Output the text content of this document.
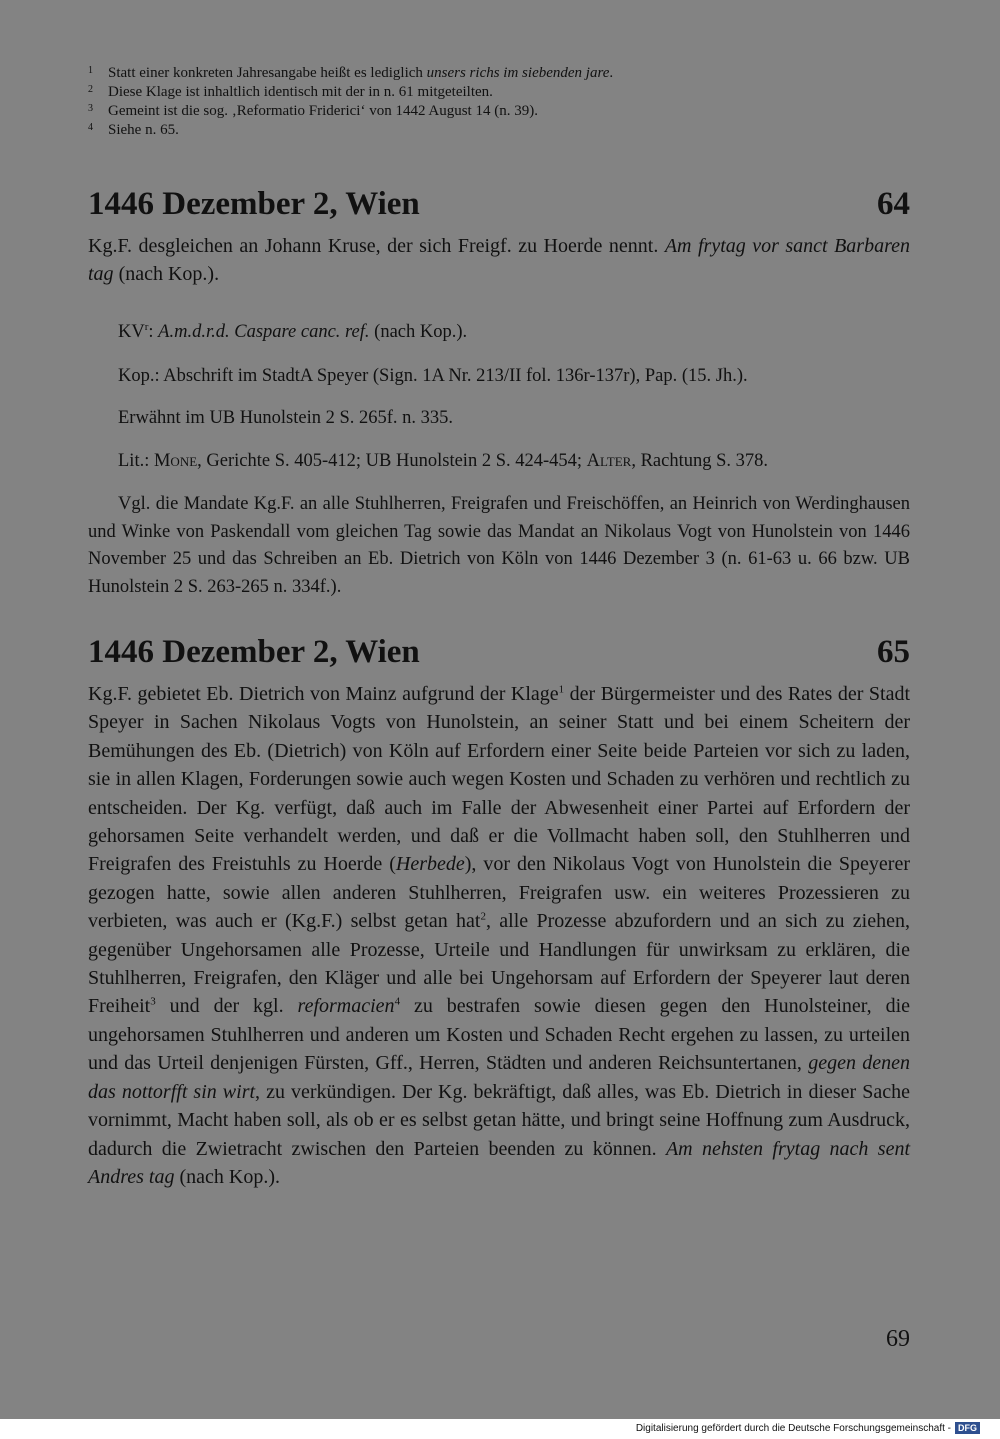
1	Statt einer konkreten Jahresangabe heißt es lediglich unsers richs im siebenden jare.
2	Diese Klage ist inhaltlich identisch mit der in n. 61 mitgeteilten.
3	Gemeint ist die sog. ‚Reformatio Friderici‘ von 1442 August 14 (n. 39).
4	Siehe n. 65.
1446 Dezember 2, Wien	64
Kg.F. desgleichen an Johann Kruse, der sich Freigf. zu Hoerde nennt. Am frytag vor sanct Barbaren tag (nach Kop.).
$KV^r$: A.m.d.r.d. Caspare canc. ref. (nach Kop.).
Kop.: Abschrift im StadtA Speyer (Sign. 1A Nr. 213/II fol. 136r-137r), Pap. (15. Jh.).
Erwähnt im UB Hunolstein 2 S. 265f. n. 335.
Lit.: Mone, Gerichte S. 405-412; UB Hunolstein 2 S. 424-454; Alter, Rachtung S. 378.
Vgl. die Mandate Kg.F. an alle Stuhlherren, Freigrafen und Freischöffen, an Heinrich von Werdinghausen und Winke von Paskendall vom gleichen Tag sowie das Mandat an Nikolaus Vogt von Hunolstein von 1446 November 25 und das Schreiben an Eb. Dietrich von Köln von 1446 Dezember 3 (n. 61-63 u. 66 bzw. UB Hunolstein 2 S. 263-265 n. 334f.).
1446 Dezember 2, Wien	65
Kg.F. gebietet Eb. Dietrich von Mainz aufgrund der Klage$^1$ der Bürgermeister und des Rates der Stadt Speyer in Sachen Nikolaus Vogts von Hunolstein, an seiner Statt und bei einem Scheitern der Bemühungen des Eb. (Dietrich) von Köln auf Erfordern einer Seite beide Parteien vor sich zu laden, sie in allen Klagen, Forderungen sowie auch wegen Kosten und Schaden zu verhören und rechtlich zu entscheiden. Der Kg. verfügt, daß auch im Falle der Abwesenheit einer Partei auf Erfordern der gehorsamen Seite verhandelt werden, und daß er die Vollmacht haben soll, den Stuhlherren und Freigrafen des Freistuhls zu Hoerde (Herbede), vor den Nikolaus Vogt von Hunolstein die Speyerer gezogen hatte, sowie allen anderen Stuhlherren, Freigrafen usw. ein weiteres Prozessieren zu verbieten, was auch er (Kg.F.) selbst getan hat$^2$, alle Prozesse abzufordern und an sich zu ziehen, gegenüber Ungehorsamen alle Prozesse, Urteile und Handlungen für unwirksam zu erklären, die Stuhlherren, Freigrafen, den Kläger und alle bei Ungehorsam auf Erfordern der Speyerer laut deren Freiheit$^3$ und der kgl. reformacien$^4$ zu bestrafen sowie diesen gegen den Hunolsteiner, die ungehorsamen Stuhlherren und anderen um Kosten und Schaden Recht ergehen zu lassen, zu urteilen und das Urteil denjenigen Fürsten, Gff., Herren, Städten und anderen Reichsuntertanen, gegen denen das nottorfft sin wirt, zu verkündigen. Der Kg. bekräftigt, daß alles, was Eb. Dietrich in dieser Sache vornimmt, Macht haben soll, als ob er es selbst getan hätte, und bringt seine Hoffnung zum Ausdruck, dadurch die Zwietracht zwischen den Parteien beenden zu können. Am nehsten frytag nach sent Andres tag (nach Kop.).
69
Digitalisierung gefördert durch die Deutsche Forschungsgemeinschaft - DFG
